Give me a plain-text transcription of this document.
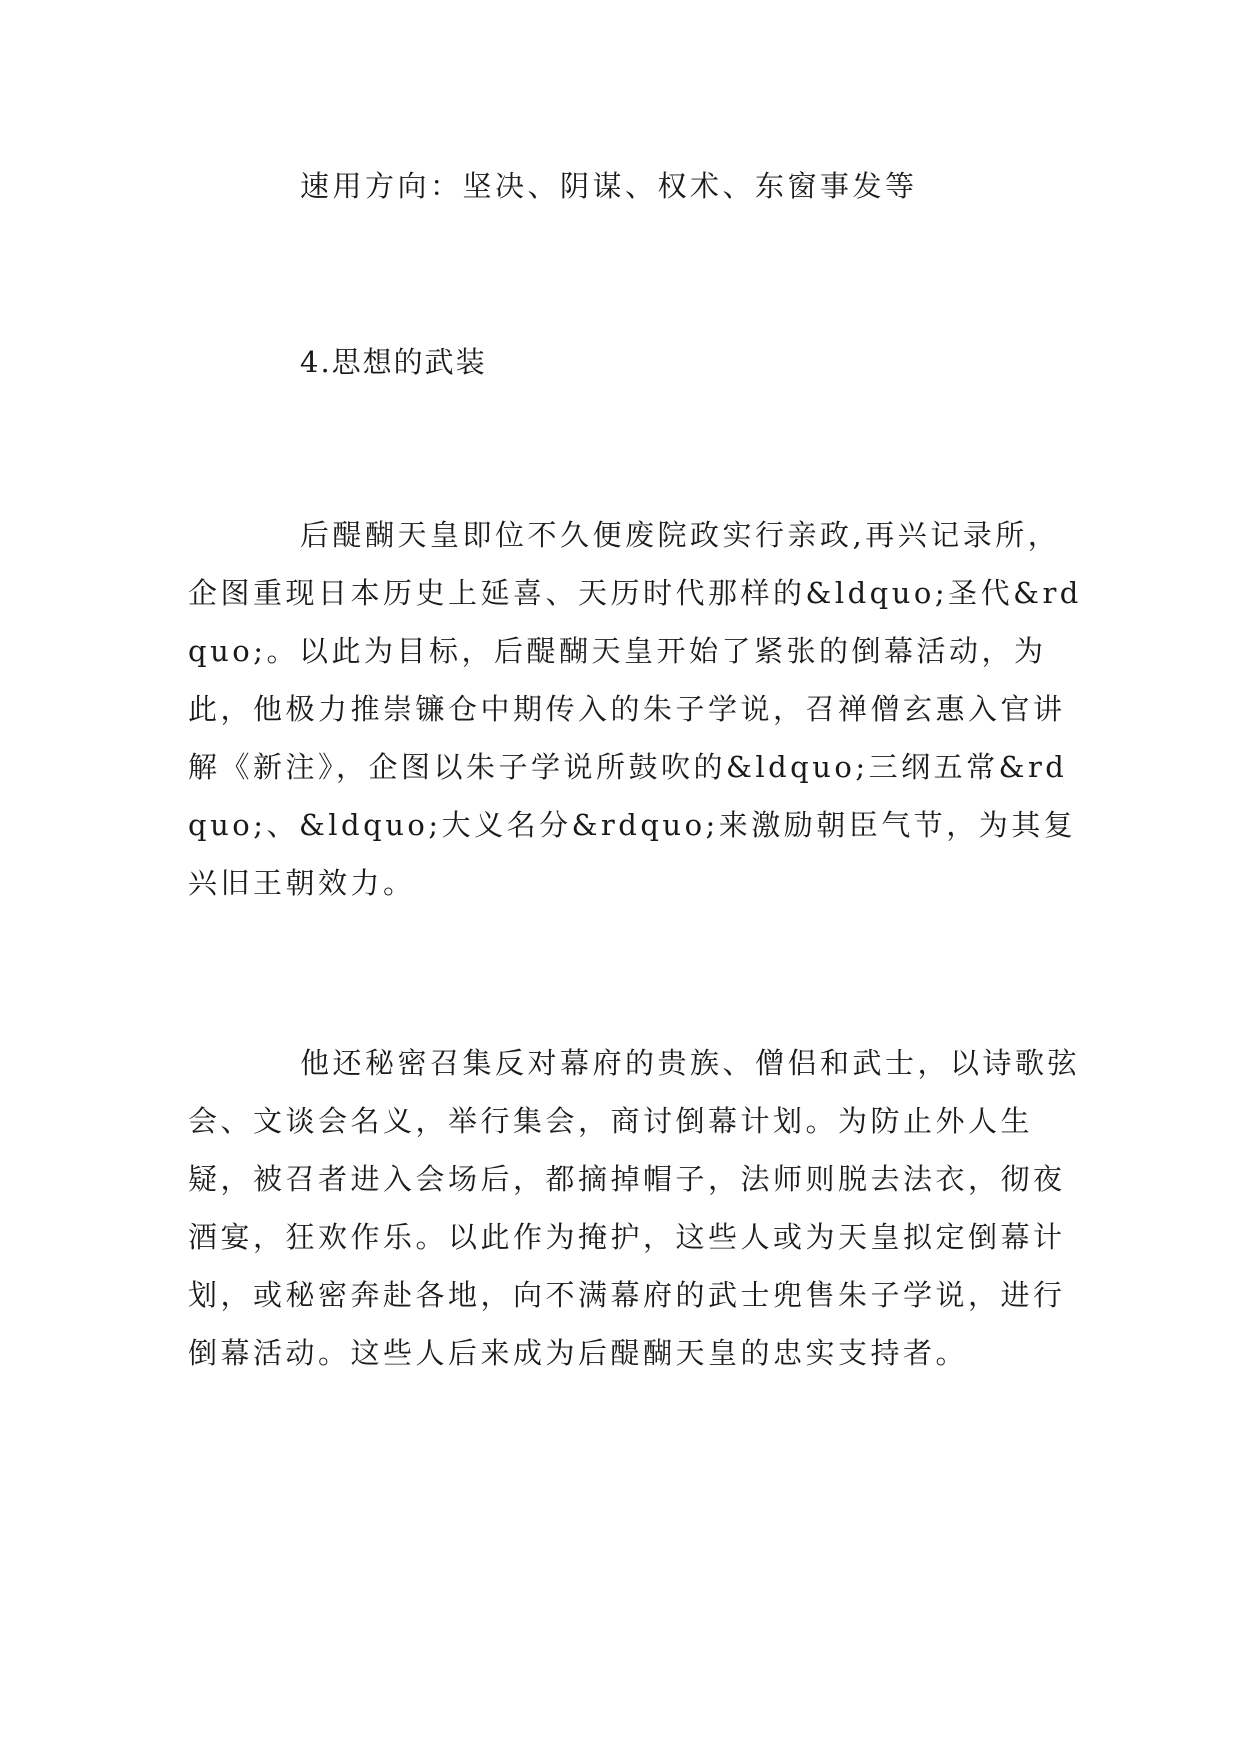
速用方向：坚决、阴谋、权术、东窗事发等

4.思想的武装

后醍醐天皇即位不久便废院政实行亲政,再兴记录所，企图重现日本历史上延喜、天历时代那样的&ldquo;圣代&rdquo;。以此为目标，后醍醐天皇开始了紧张的倒幕活动，为此，他极力推崇镰仓中期传入的朱子学说，召禅僧玄惠入官讲解《新注》，企图以朱子学说所鼓吹的&ldquo;三纲五常&rdquo;、&ldquo;大义名分&rdquo;来激励朝臣气节，为其复兴旧王朝效力。

他还秘密召集反对幕府的贵族、僧侣和武士，以诗歌弦会、文谈会名义，举行集会，商讨倒幕计划。为防止外人生疑，被召者进入会场后，都摘掉帽子，法师则脱去法衣，彻夜酒宴，狂欢作乐。以此作为掩护，这些人或为天皇拟定倒幕计划，或秘密奔赴各地，向不满幕府的武士兜售朱子学说，进行倒幕活动。这些人后来成为后醍醐天皇的忠实支持者。
